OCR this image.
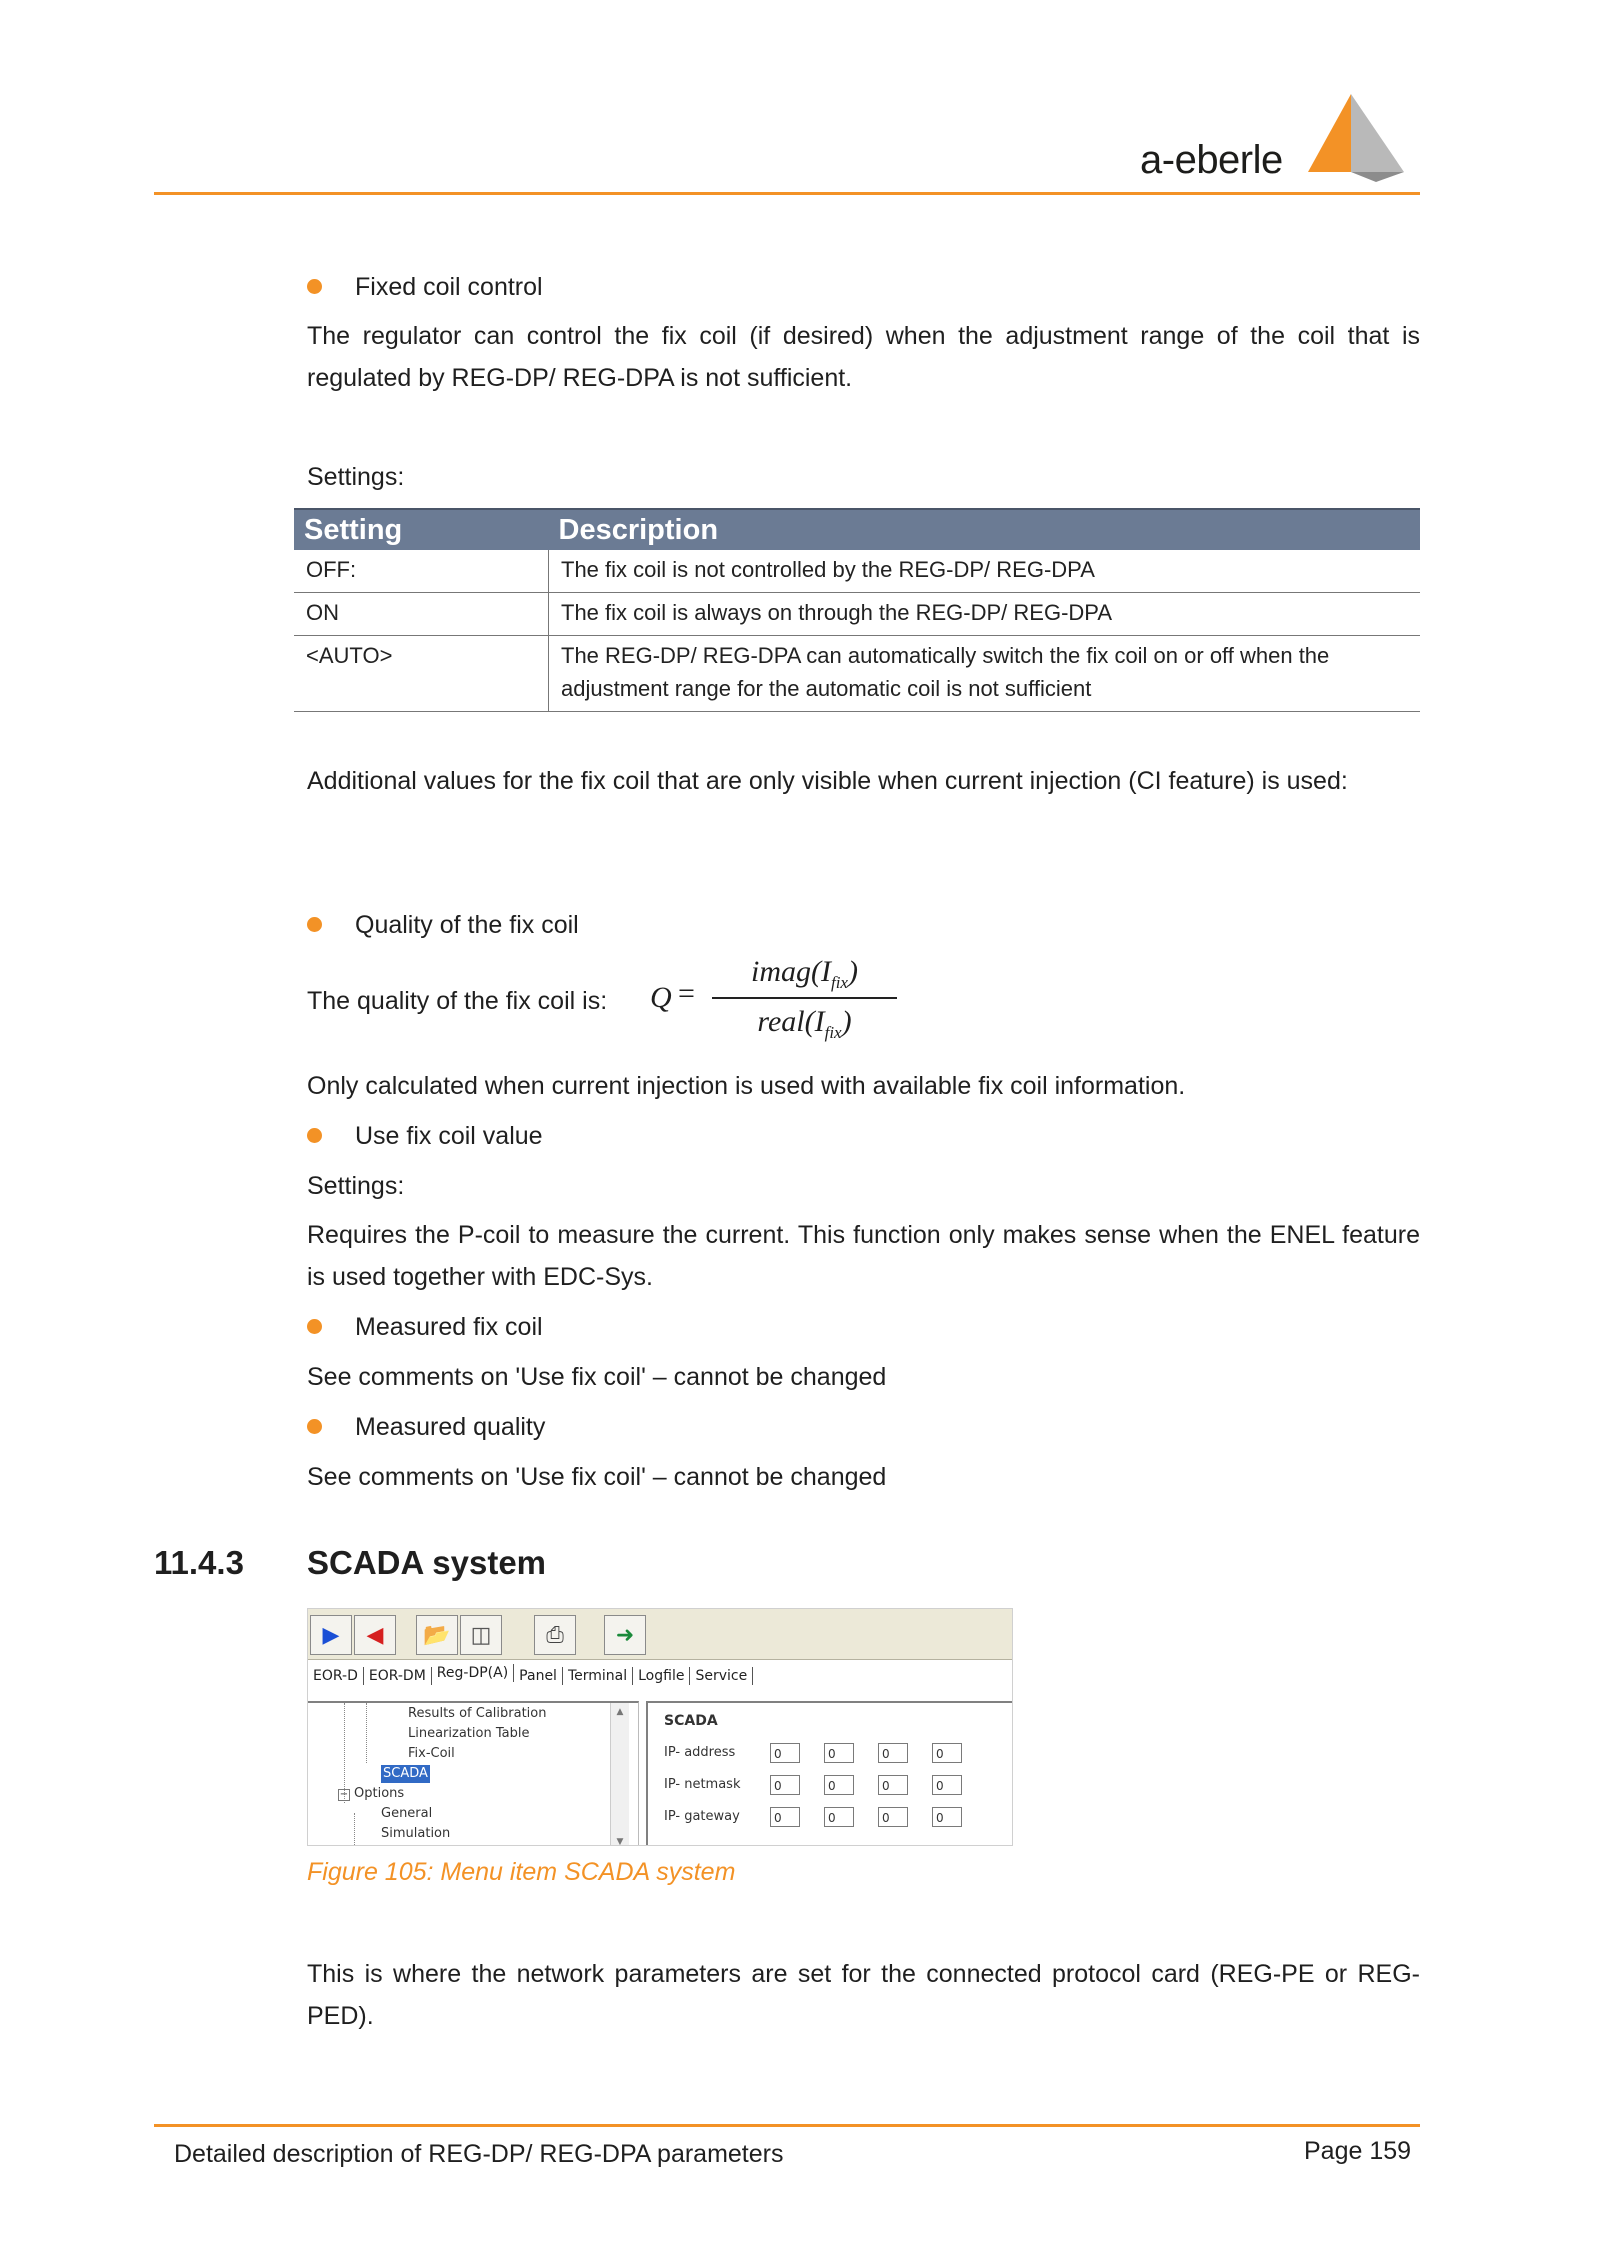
a-eberle
Fixed coil control

The regulator can control the fix coil (if desired) when the adjustment range of the coil that is regulated by REG-DP/ REG-DPA is not sufficient.

Settings:

Setting	Description
OFF:	The fix coil is not controlled by the REG-DP/ REG-DPA
ON	The fix coil is always on through the REG-DP/ REG-DPA
<AUTO>	The REG-DP/ REG-DPA can automatically switch the fix coil on or off when the adjustment range for the automatic coil is not sufficient

Additional values for the fix coil that are only visible when current injection (CI feature) is used:

Quality of the fix coil
The quality of the fix coil is: Q =
$imag(I_{fix})$
$real(I_{fix})$

Only calculated when current injection is used with available fix coil information.

Use fix coil value

Settings:

Requires the P-coil to measure the current. This function only makes sense when the ENEL feature is used together with EDC-Sys.

Measured fix coil

See comments on 'Use fix coil' – cannot be changed

Measured quality

See comments on 'Use fix coil' – cannot be changed

11.4.3 SCADA system
▶	◀	📂 ◫	⎙	➜
EOR-D EOR-DM Reg-DP(A) Panel Terminal Logfile Service
Results of Calibration
Linearization Table
Fix-Coil
SCADA
− Options
General
Simulation
▲
▼
SCADA
IP- address	0	0	0	0
IP- netmask	0	0	0	0
IP- gateway	0	0	0	0
Figure 105: Menu item SCADA system

This is where the network parameters are set for the connected protocol card (REG-PE or REG-PED).

Detailed description of REG-DP/ REG-DPA parameters	Page 159
